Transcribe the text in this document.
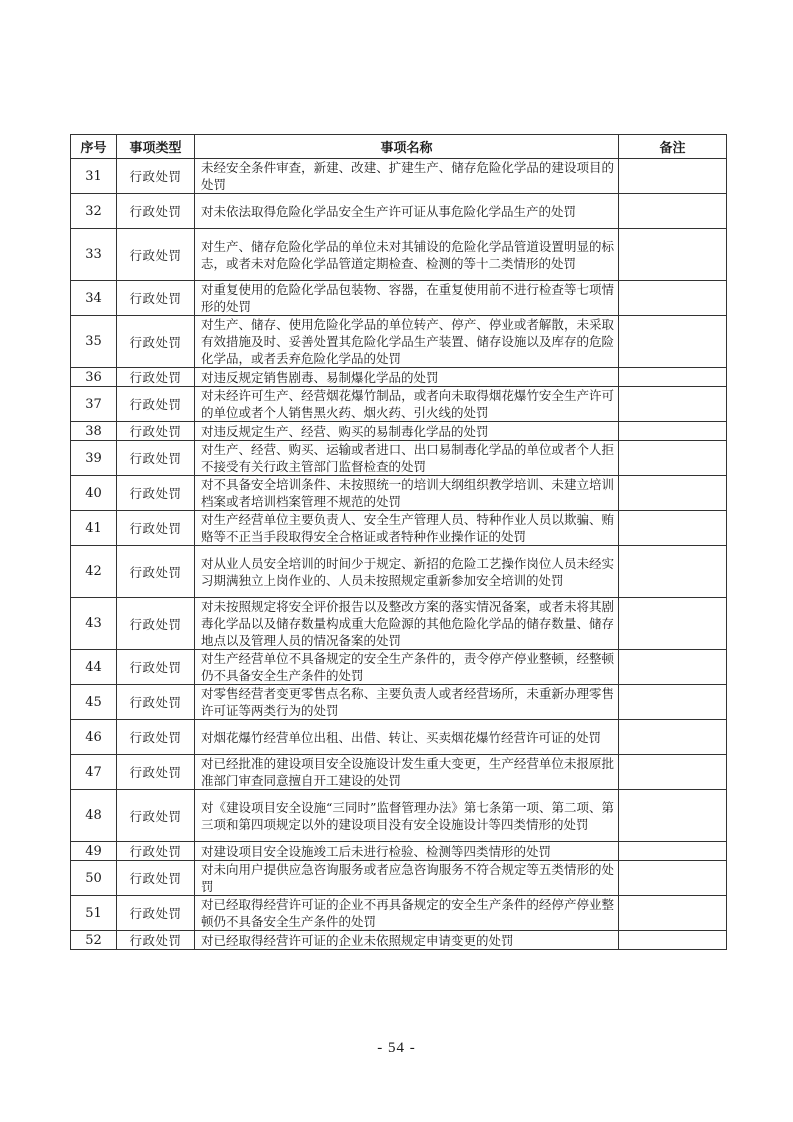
序号	事项类型	事项名称	备注
31	行政处罚	未经安全条件审查，新建、改建、扩建生产、储存危险化学品的建设项目的处罚	
32	行政处罚	对未依法取得危险化学品安全生产许可证从事危险化学品生产的处罚	
33	行政处罚	对生产、储存危险化学品的单位未对其铺设的危险化学品管道设置明显的标志，或者未对危险化学品管道定期检查、检测的等十二类情形的处罚	
34	行政处罚	对重复使用的危险化学品包装物、容器，在重复使用前不进行检查等七项情形的处罚	
35	行政处罚	对生产、储存、使用危险化学品的单位转产、停产、停业或者解散，未采取有效措施及时、妥善处置其危险化学品生产装置、储存设施以及库存的危险化学品，或者丢弃危险化学品的处罚	
36	行政处罚	对违反规定销售剧毒、易制爆化学品的处罚	
37	行政处罚	对未经许可生产、经营烟花爆竹制品，或者向未取得烟花爆竹安全生产许可的单位或者个人销售黑火药、烟火药、引火线的处罚	
38	行政处罚	对违反规定生产、经营、购买的易制毒化学品的处罚	
39	行政处罚	对生产、经营、购买、运输或者进口、出口易制毒化学品的单位或者个人拒不接受有关行政主管部门监督检查的处罚	
40	行政处罚	对不具备安全培训条件、未按照统一的培训大纲组织教学培训、未建立培训档案或者培训档案管理不规范的处罚	
41	行政处罚	对生产经营单位主要负责人、安全生产管理人员、特种作业人员以欺骗、贿赂等不正当手段取得安全合格证或者特种作业操作证的处罚	
42	行政处罚	对从业人员安全培训的时间少于规定、新招的危险工艺操作岗位人员未经实习期满独立上岗作业的、人员未按照规定重新参加安全培训的处罚	
43	行政处罚	对未按照规定将安全评价报告以及整改方案的落实情况备案，或者未将其剧毒化学品以及储存数量构成重大危险源的其他危险化学品的储存数量、储存地点以及管理人员的情况备案的处罚	
44	行政处罚	对生产经营单位不具备规定的安全生产条件的，责令停产停业整顿，经整顿仍不具备安全生产条件的处罚	
45	行政处罚	对零售经营者变更零售点名称、主要负责人或者经营场所，未重新办理零售许可证等两类行为的处罚	
46	行政处罚	对烟花爆竹经营单位出租、出借、转让、买卖烟花爆竹经营许可证的处罚	
47	行政处罚	对已经批准的建设项目安全设施设计发生重大变更，生产经营单位未报原批准部门审查同意擅自开工建设的处罚	
48	行政处罚	对《建设项目安全设施“三同时”监督管理办法》第七条第一项、第二项、第三项和第四项规定以外的建设项目没有安全设施设计等四类情形的处罚	
49	行政处罚	对建设项目安全设施竣工后未进行检验、检测等四类情形的处罚	
50	行政处罚	对未向用户提供应急咨询服务或者应急咨询服务不符合规定等五类情形的处罚	
51	行政处罚	对已经取得经营许可证的企业不再具备规定的安全生产条件的经停产停业整顿仍不具备安全生产条件的处罚	
52	行政处罚	对已经取得经营许可证的企业未依照规定申请变更的处罚	
- 54 -
